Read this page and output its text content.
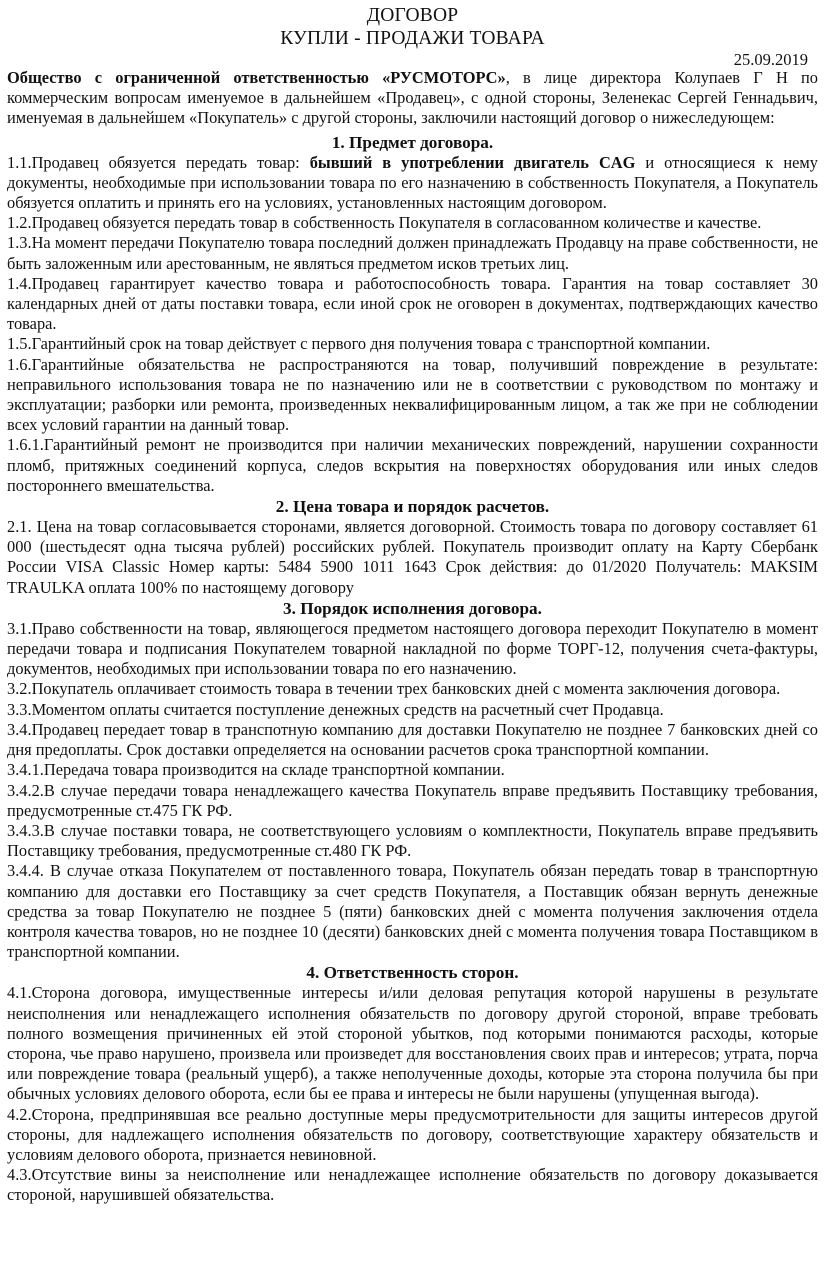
ДОГОВОР
КУПЛИ - ПРОДАЖИ ТОВАРА

25.09.2019

Общество с ограниченной ответственностью «РУСМОТОРС», в лице директора Колупаев Г Н по коммерческим вопросам именуемое в дальнейшем «Продавец», с одной стороны, Зеленекас Сергей Геннадьвич, именуемая в дальнейшем «Покупатель» с другой стороны, заключили настоящий договор о нижеследующем:

1. Предмет договора.

1.1.Продавец обязуется передать товар: бывший в употреблении двигатель CAG и относящиеся к нему документы, необходимые при использовании товара по его назначению в собственность Покупателя, а Покупатель обязуется оплатить и принять его на условиях, установленных настоящим договором.

1.2.Продавец обязуется передать товар в собственность Покупателя в согласованном количестве и качестве.

1.3.На момент передачи Покупателю товара последний должен принадлежать Продавцу на праве собственности, не быть заложенным или арестованным, не являться предметом исков третьих лиц.

1.4.Продавец гарантирует качество товара и работоспособность товара. Гарантия на товар составляет 30 календарных дней от даты поставки товара, если иной срок не оговорен в документах, подтверждающих качество товара.

1.5.Гарантийный срок на товар действует с первого дня получения товара с транспортной компании.

1.6.Гарантийные обязательства не распространяются на товар, получивший повреждение в результате: неправильного использования товара не по назначению или не в соответствии с руководством по монтажу и эксплуатации; разборки или ремонта, произведенных неквалифицированным лицом, а так же при не соблюдении всех условий гарантии на данный товар.

1.6.1.Гарантийный ремонт не производится при наличии механических повреждений, нарушении сохранности пломб, притяжных соединений корпуса, следов вскрытия на поверхностях оборудования или иных следов постороннего вмешательства.

2. Цена товара и порядок расчетов.

2.1. Цена на товар согласовывается сторонами, является договорной. Стоимость товара по договору составляет 61 000 (шестьдесят одна тысяча рублей) российских рублей. Покупатель производит оплату на Карту Сбербанк России VISA Classic Номер карты: 5484 5900 1011 1643 Срок действия: до 01/2020 Получатель: MAKSIM TRAULKA оплата 100% по настоящему договору

3. Порядок исполнения договора.

3.1.Право собственности на товар, являющегося предметом настоящего договора переходит Покупателю в момент передачи товара и подписания Покупателем товарной накладной по форме ТОРГ-12, получения счета-фактуры, документов, необходимых при использовании товара по его назначению.

3.2.Покупатель оплачивает стоимость товара в течении трех банковских дней с момента заключения договора.

3.3.Моментом оплаты считается поступление денежных средств на расчетный счет Продавца.

3.4.Продавец передает товар в транспотную компанию для доставки Покупателю не позднее 7 банковских дней со дня предоплаты. Срок доставки определяется на основании расчетов срока транспортной компании.

3.4.1.Передача товара производится на складе транспортной компании.

3.4.2.В случае передачи товара ненадлежащего качества Покупатель вправе предъявить Поставщику требования, предусмотренные ст.475 ГК РФ.

3.4.3.В случае поставки товара, не соответствующего условиям о комплектности, Покупатель вправе предъявить Поставщику требования, предусмотренные ст.480 ГК РФ.

3.4.4. В случае отказа Покупателем от поставленного товара, Покупатель обязан передать товар в транспортную компанию для доставки его Поставщику за счет средств Покупателя, а Поставщик обязан вернуть денежные средства за товар Покупателю не позднее 5 (пяти) банковских дней с момента получения заключения отдела контроля качества товаров, но не позднее 10 (десяти) банковских дней с момента получения товара Поставщиком в транспортной компании.

4. Ответственность сторон.

4.1.Сторона договора, имущественные интересы и/или деловая репутация которой нарушены в результате неисполнения или ненадлежащего исполнения обязательств по договору другой стороной, вправе требовать полного возмещения причиненных ей этой стороной убытков, под которыми понимаются расходы, которые сторона, чье право нарушено, произвела или произведет для восстановления своих прав и интересов; утрата, порча или повреждение товара (реальный ущерб), а также неполученные доходы, которые эта сторона получила бы при обычных условиях делового оборота, если бы ее права и интересы не были нарушены (упущенная выгода).

4.2.Сторона, предпринявшая все реально доступные меры предусмотрительности для защиты интересов другой стороны, для надлежащего исполнения обязательств по договору, соответствующие характеру обязательств и условиям делового оборота, признается невиновной.

4.3.Отсутствие вины за неисполнение или ненадлежащее исполнение обязательств по договору доказывается стороной, нарушившей обязательства.
